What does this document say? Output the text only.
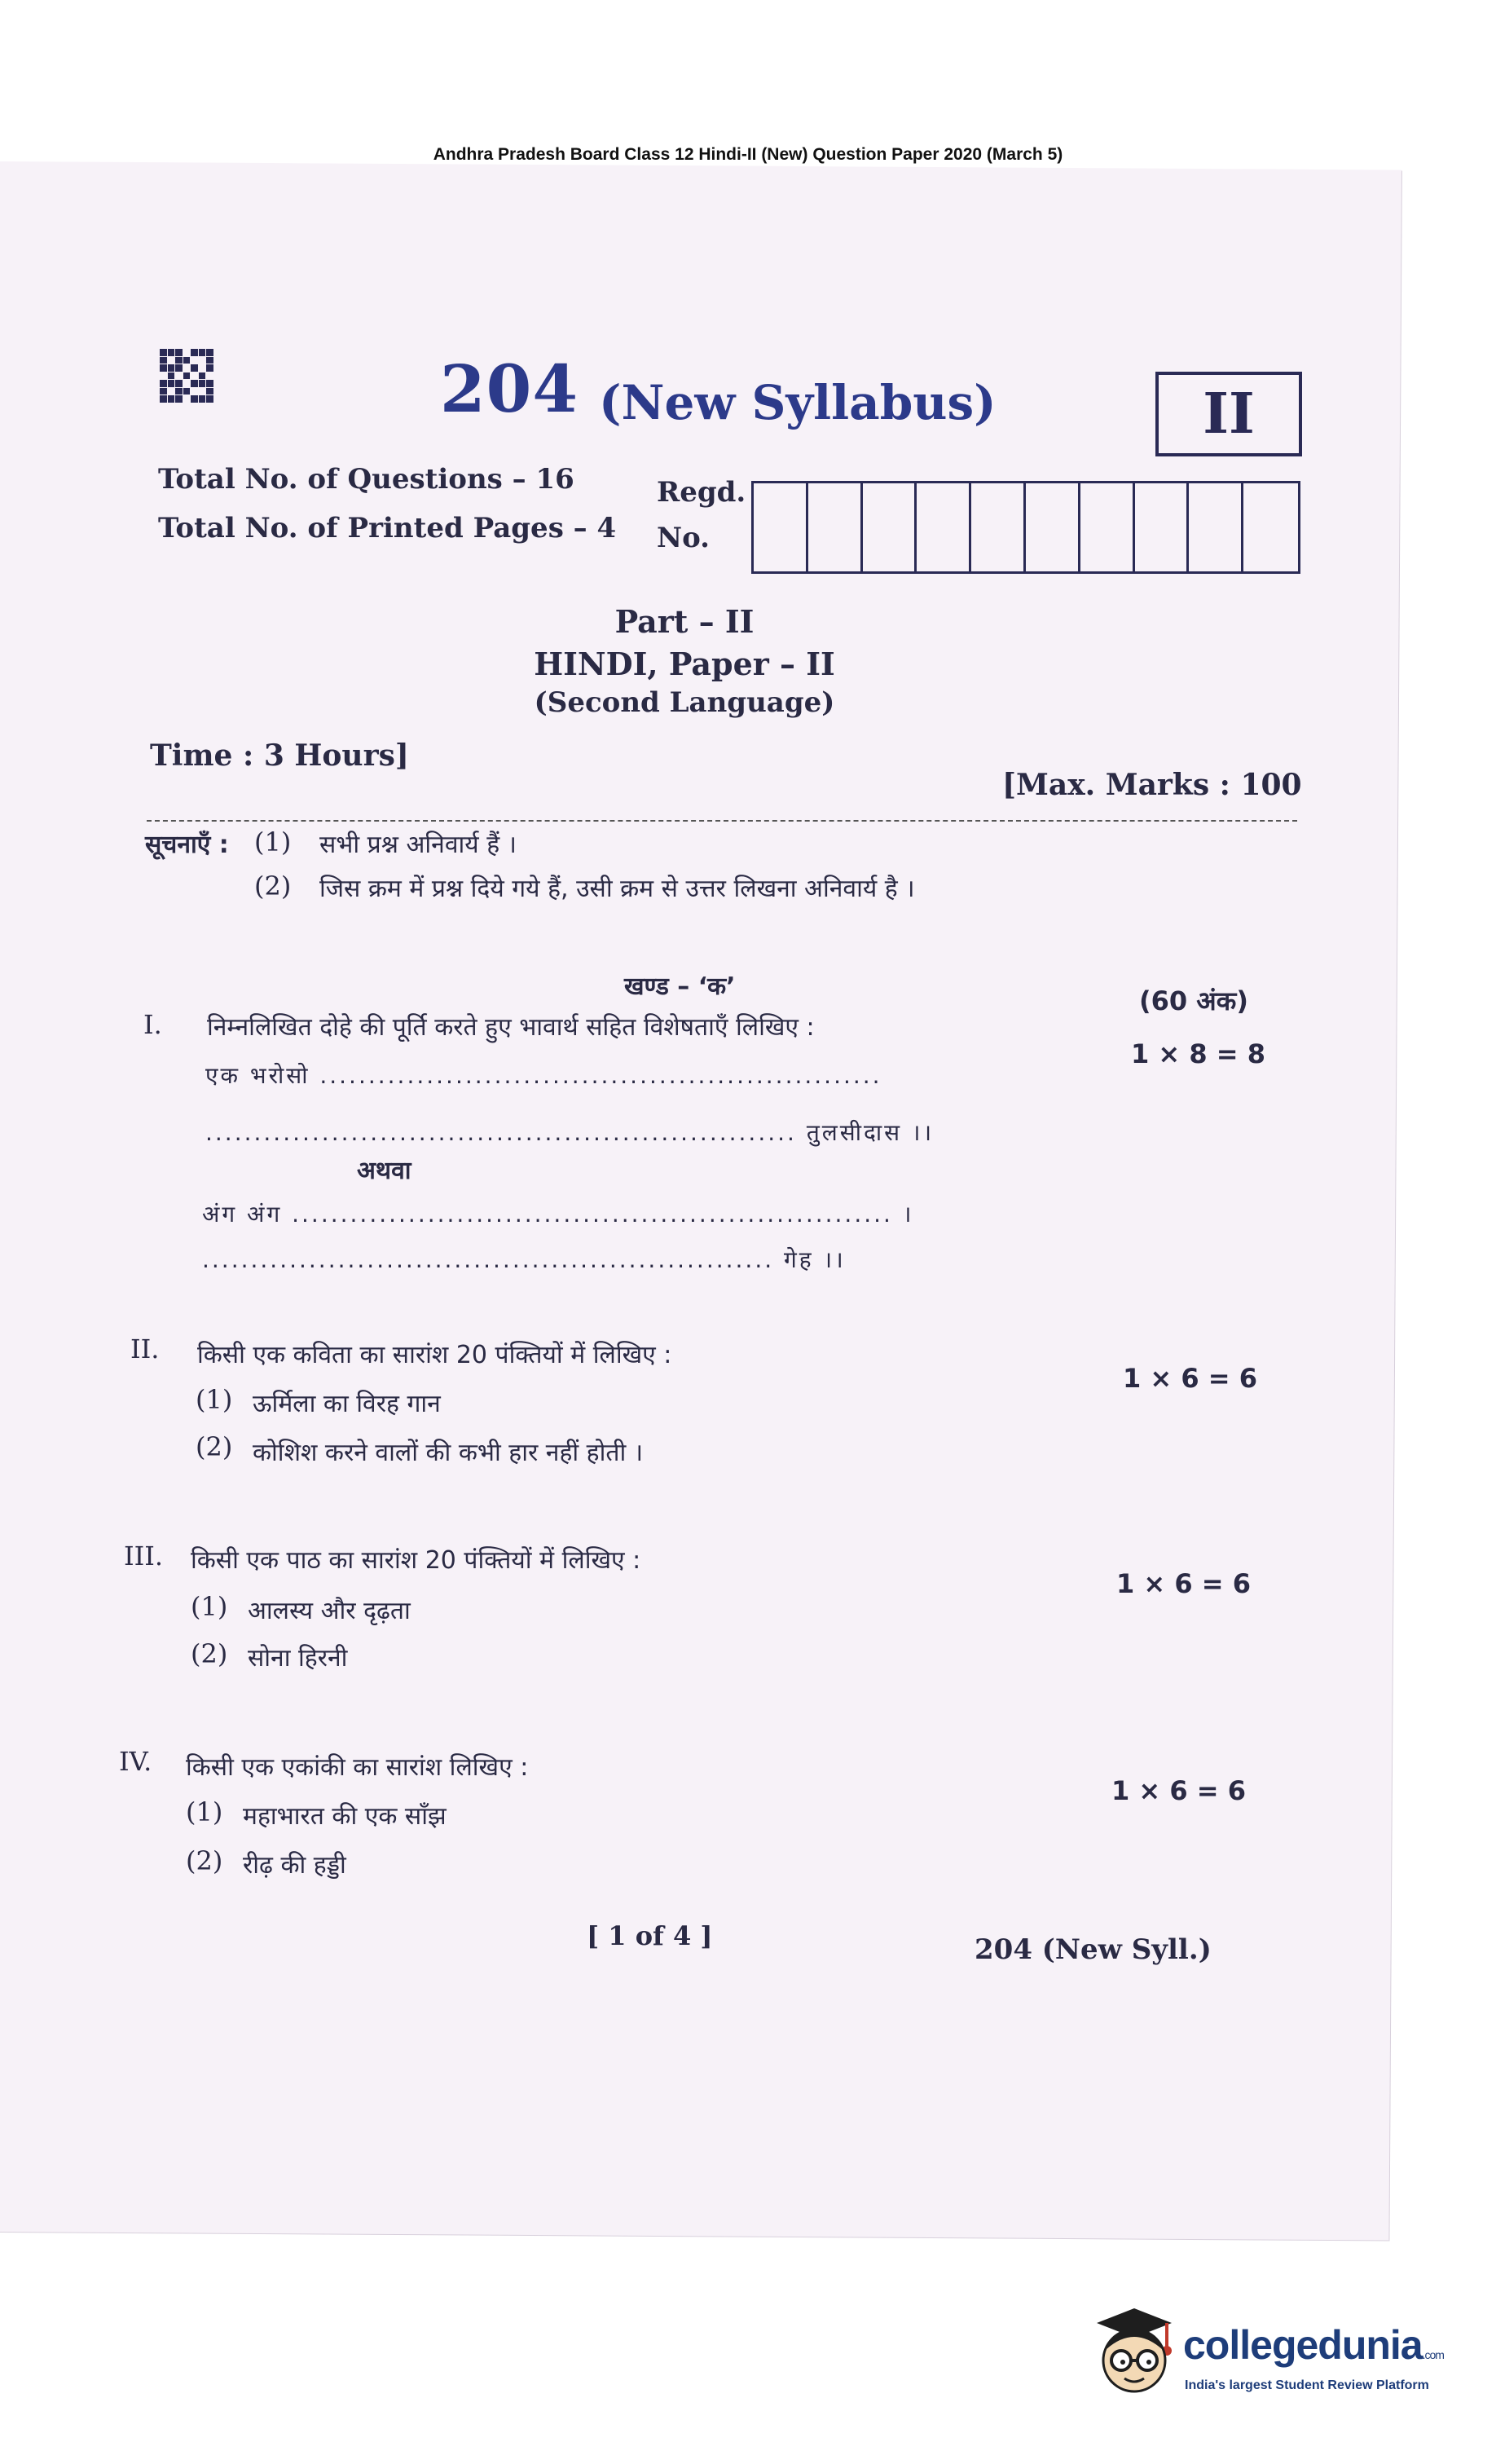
Andhra Pradesh Board Class 12 Hindi-II (New) Question Paper 2020 (March 5)
204 (New Syllabus)	II
Total No. of Questions – 16
Total No. of Printed Pages – 4
Regd.
No.
Part – II
HINDI, Paper – II
(Second Language)
Time : 3 Hours]
[Max. Marks : 100
सूचनाएँ : (1) सभी प्रश्न अनिवार्य हैं ।
(2) जिस क्रम में प्रश्न दिये गये हैं, उसी क्रम से उत्तर लिखना अनिवार्य है ।
खण्ड – ‘क’	(60 अंक)
I. निम्नलिखित दोहे की पूर्ति करते हुए भावार्थ सहित विशेषताएँ लिखिए :
1 × 8 = 8
एक भरोसो ..........................................................
............................................................. तुलसीदास ।।
अथवा
अंग अंग .............................................................. ।
........................................................... गेह ।।
II. किसी एक कविता का सारांश 20 पंक्तियों में लिखिए :
1 × 6 = 6
(1) ऊर्मिला का विरह गान
(2) कोशिश करने वालों की कभी हार नहीं होती ।
III. किसी एक पाठ का सारांश 20 पंक्तियों में लिखिए :
1 × 6 = 6
(1) आलस्य और दृढ़ता
(2) सोना हिरनी
IV. किसी एक एकांकी का सारांश लिखिए :
1 × 6 = 6
(1) महाभारत की एक साँझ
(2) रीढ़ की हड्डी
[ 1 of 4 ]	204 (New Syll.)
collegedunia.com
India's largest Student Review Platform
